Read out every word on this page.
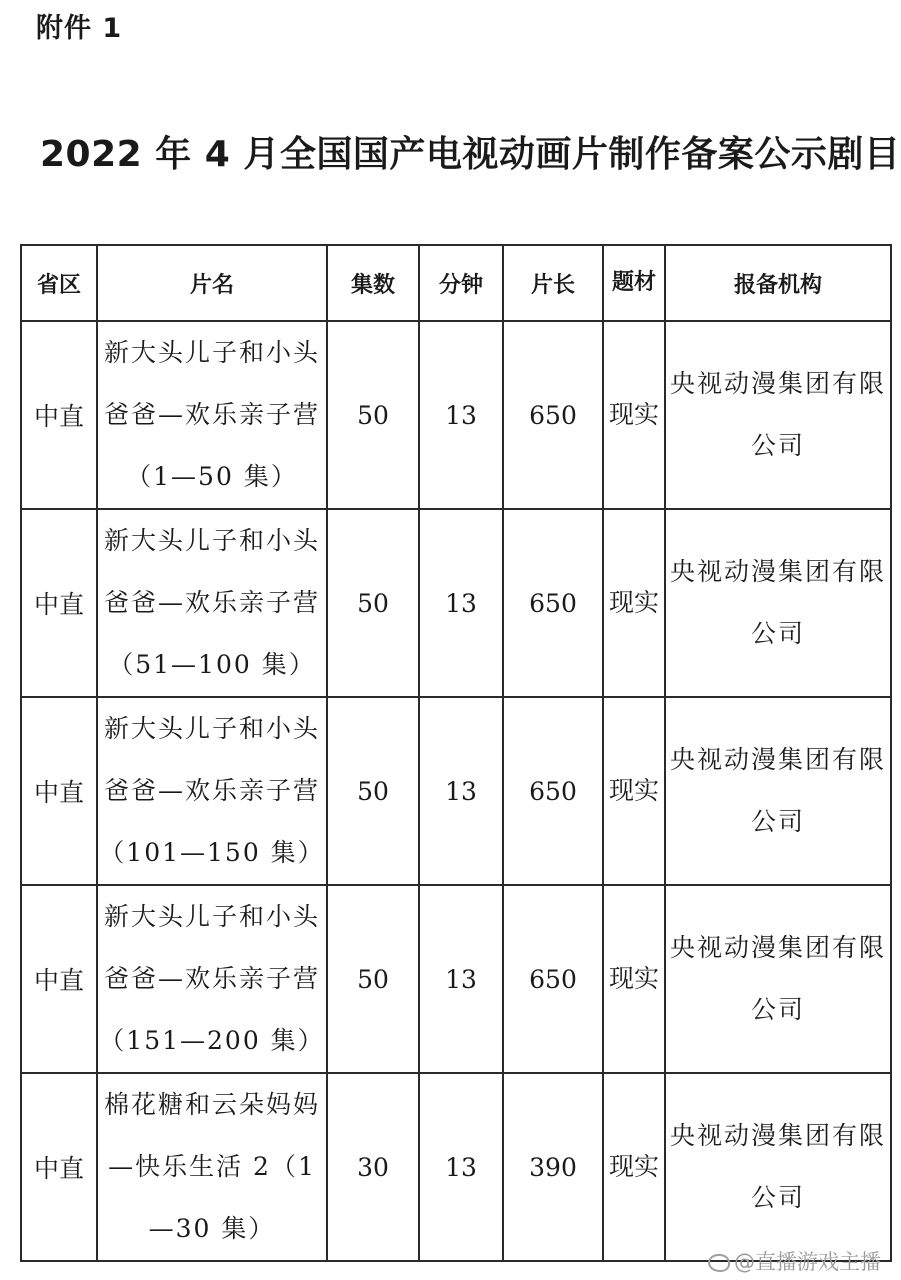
附件 1
2022 年 4 月全国国产电视动画片制作备案公示剧目
省区	片名	集数	分钟	片长	题材	报备机构
中直	新大头儿子和小头爸爸—欢乐亲子营（1—50 集）	50	13	650	现实	央视动漫集团有限公司
中直	新大头儿子和小头爸爸—欢乐亲子营（51—100 集）	50	13	650	现实	央视动漫集团有限公司
中直	新大头儿子和小头爸爸—欢乐亲子营（101—150 集）	50	13	650	现实	央视动漫集团有限公司
中直	新大头儿子和小头爸爸—欢乐亲子营（151—200 集）	50	13	650	现实	央视动漫集团有限公司
中直	棉花糖和云朵妈妈—快乐生活 2（1—30 集）	30	13	390	现实	央视动漫集团有限公司
@直播游戏主播
